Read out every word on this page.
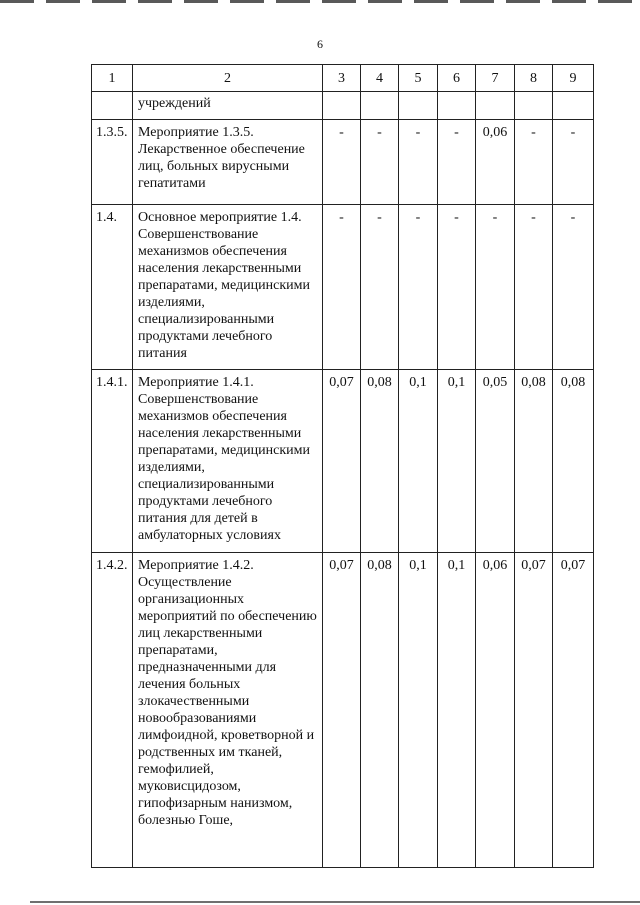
6
1	2	3	4	5	6	7	8	9
	учреждений							
1.3.5.	Мероприятие 1.3.5. Лекарственное обеспечение лиц, больных вирусными гепатитами	-	-	-	-	0,06	-	-
1.4.	Основное мероприятие 1.4. Совершенствование механизмов обеспечения населения лекарственными препаратами, медицинскими изделиями, специализированными продуктами лечебного питания	-	-	-	-	-	-	-
1.4.1.	Мероприятие 1.4.1. Совершенствование механизмов обеспечения населения лекарственными препаратами, медицинскими изделиями, специализированными продуктами лечебного питания для детей в амбулаторных условиях	0,07	0,08	0,1	0,1	0,05	0,08	0,08
1.4.2.	Мероприятие 1.4.2. Осуществление организационных мероприятий по обеспечению лиц лекарственными препаратами, предназначенными для лечения больных злокачественными новообразованиями лимфоидной, кроветворной и родственных им тканей, гемофилией, муковисцидозом, гипофизарным нанизмом, болезнью Гоше,	0,07	0,08	0,1	0,1	0,06	0,07	0,07
